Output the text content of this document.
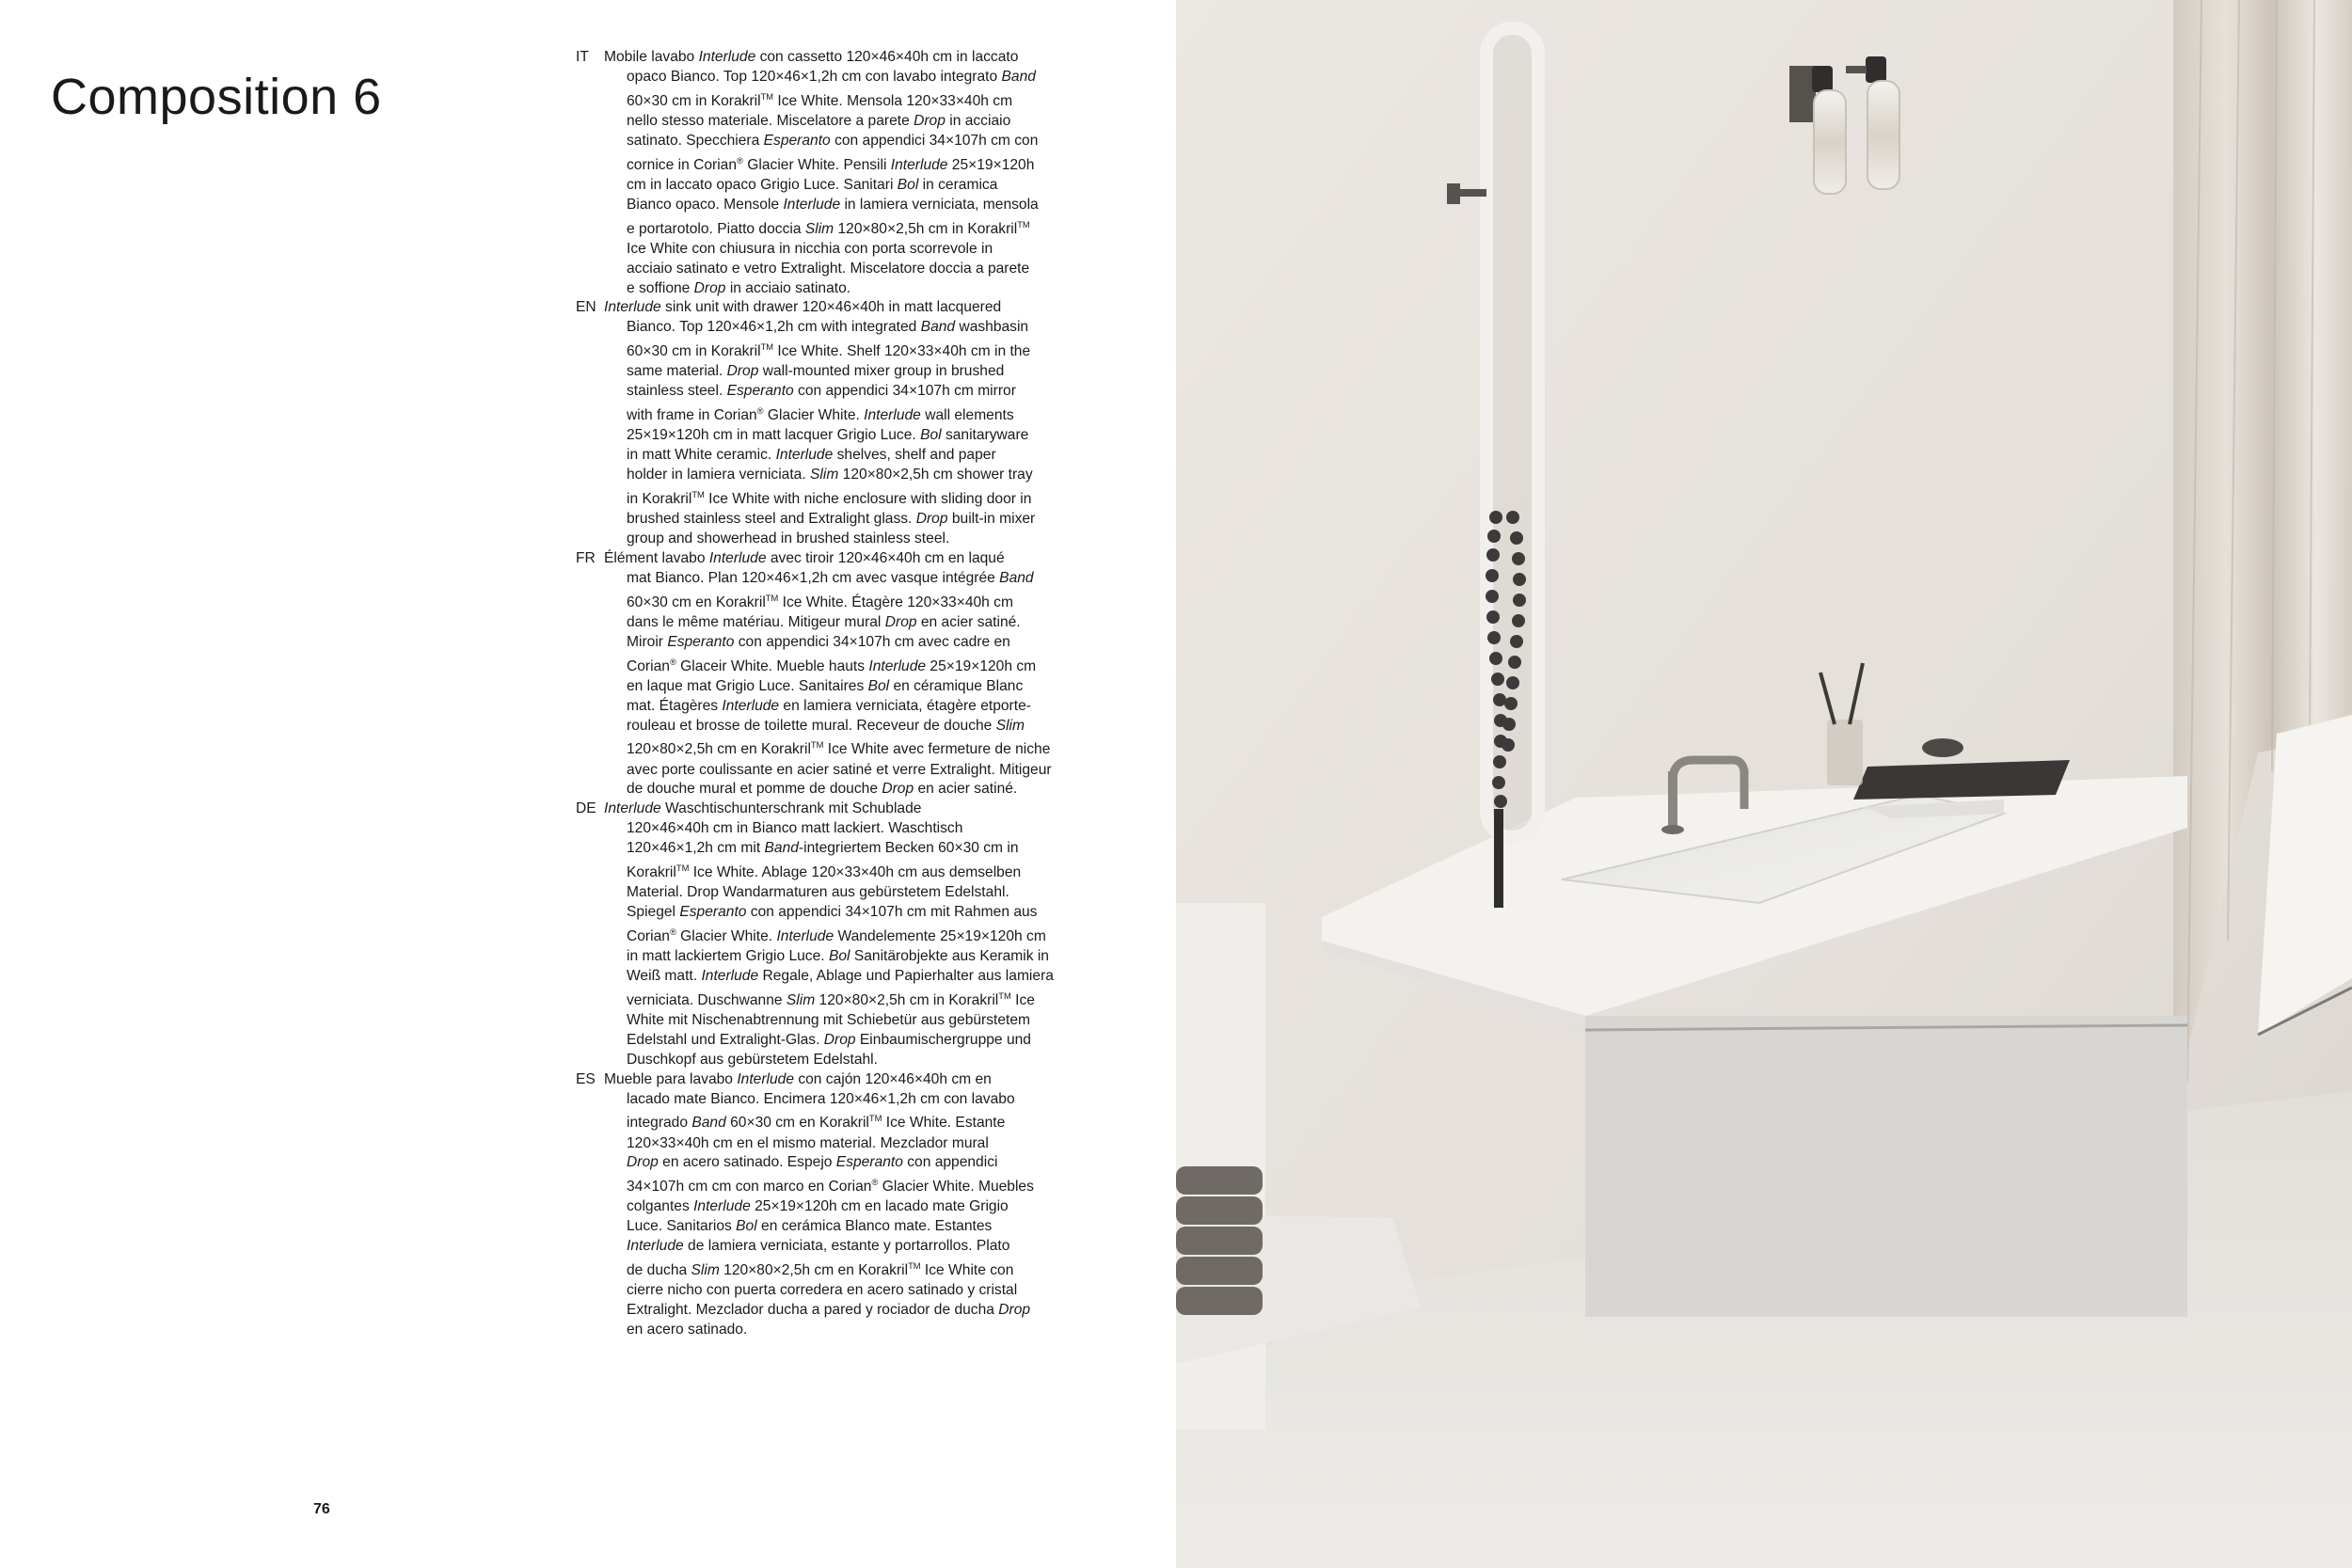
Composition 6
IT Mobile lavabo Interlude con cassetto 120×46×40h cm in laccato
opaco Bianco. Top 120×46×1,2h cm con lavabo integrato Band
60×30 cm in Korakril™ Ice White. Mensola 120×33×40h cm
nello stesso materiale. Miscelatore a parete Drop in acciaio
satinato. Specchiera Esperanto con appendici 34×107h cm con
cornice in Corian® Glacier White. Pensili Interlude 25×19×120h
cm in laccato opaco Grigio Luce. Sanitari Bol in ceramica
Bianco opaco. Mensole Interlude in lamiera verniciata, mensola
e portarotolo. Piatto doccia Slim 120×80×2,5h cm in Korakril™
Ice White con chiusura in nicchia con porta scorrevole in
acciaio satinato e vetro Extralight. Miscelatore doccia a parete
e soffione Drop in acciaio satinato.
EN Interlude sink unit with drawer 120×46×40h in matt lacquered
Bianco. Top 120×46×1,2h cm with integrated Band washbasin
60×30 cm in Korakril™ Ice White. Shelf 120×33×40h cm in the
same material. Drop wall-mounted mixer group in brushed
stainless steel. Esperanto con appendici 34×107h cm mirror
with frame in Corian® Glacier White. Interlude wall elements
25×19×120h cm in matt lacquer Grigio Luce. Bol sanitaryware
in matt White ceramic. Interlude shelves, shelf and paper
holder in lamiera verniciata. Slim 120×80×2,5h cm shower tray
in Korakril™ Ice White with niche enclosure with sliding door in
brushed stainless steel and Extralight glass. Drop built-in mixer
group and showerhead in brushed stainless steel.
FR Élément lavabo Interlude avec tiroir 120×46×40h cm en laqué
mat Bianco. Plan 120×46×1,2h cm avec vasque intégrée Band
60×30 cm en Korakril™ Ice White. Étagère 120×33×40h cm
dans le même matériau. Mitigeur mural Drop en acier satiné.
Miroir Esperanto con appendici 34×107h cm avec cadre en
Corian® Glaceir White. Mueble hauts Interlude 25×19×120h cm
en laque mat Grigio Luce. Sanitaires Bol en céramique Blanc
mat. Étagères Interlude en lamiera verniciata, étagère etporte-
rouleau et brosse de toilette mural. Receveur de douche Slim
120×80×2,5h cm en Korakril™ Ice White avec fermeture de niche
avec porte coulissante en acier satiné et verre Extralight. Mitigeur
de douche mural et pomme de douche Drop en acier satiné.
DE Interlude Waschtischunterschrank mit Schublade
120×46×40h cm in Bianco matt lackiert. Waschtisch
120×46×1,2h cm mit Band-integriertem Becken 60×30 cm in
Korakril™ Ice White. Ablage 120×33×40h cm aus demselben
Material. Drop Wandarmaturen aus gebürstetem Edelstahl.
Spiegel Esperanto con appendici 34×107h cm mit Rahmen aus
Corian® Glacier White. Interlude Wandelemente 25×19×120h cm
in matt lackiertem Grigio Luce. Bol Sanitärobjekte aus Keramik in
Weiß matt. Interlude Regale, Ablage und Papierhalter aus lamiera
verniciata. Duschwanne Slim 120×80×2,5h cm in Korakril™ Ice
White mit Nischenabtrennung mit Schiebetür aus gebürstetem
Edelstahl und Extralight-Glas. Drop Einbaumischergruppe und
Duschkopf aus gebürstetem Edelstahl.
ES Mueble para lavabo Interlude con cajón 120×46×40h cm en
lacado mate Bianco. Encimera 120×46×1,2h cm con lavabo
integrado Band 60×30 cm en Korakril™ Ice White. Estante
120×33×40h cm en el mismo material. Mezclador mural
Drop en acero satinado. Espejo Esperanto con appendici
34×107h cm cm con marco en Corian® Glacier White. Muebles
colgantes Interlude 25×19×120h cm en lacado mate Grigio
Luce. Sanitarios Bol en cerámica Blanco mate. Estantes
Interlude de lamiera verniciata, estante y portarrollos. Plato
de ducha Slim 120×80×2,5h cm en Korakril™ Ice White con
cierre nicho con puerta corredera en acero satinado y cristal
Extralight. Mezclador ducha a pared y rociador de ducha Drop
en acero satinado.
76
